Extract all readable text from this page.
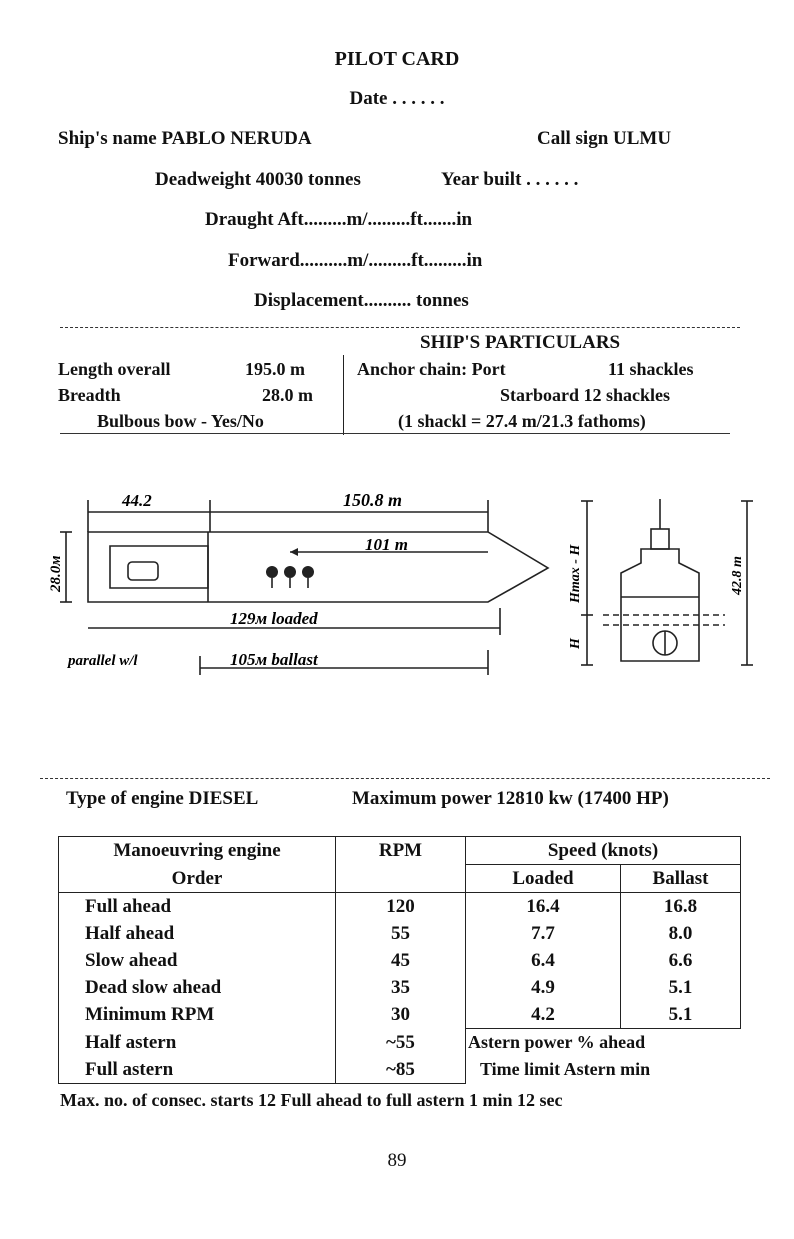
PILOT CARD
Date . . . . . .
Ship's name PABLO NERUDA	Call sign ULMU
Deadweight 40030 tonnes	Year built . . . . . .
Draught Aft.........m/.........ft.......in
Forward..........m/.........ft.........in
Displacement.......... tonnes
SHIP'S PARTICULARS
Length overall	195.0 m
Breadth	28.0 m
Bulbous bow - Yes/No
Anchor chain: Port	11 shackles
Starboard 12 shackles
(1 shackl = 27.4 m/21.3 fathoms)
44.2	150.8 m
101 m
28.0м
129м loaded
parallel w/l	105м ballast
Hmax - H
H
42.8 m
Type of engine DIESEL	Maximum power 12810 kw (17400 HP)
Manoeuvring engine	RPM	Speed (knots)	
Order		Loaded	Ballast
Full ahead	120	16.4	16.8
Half ahead	55	7.7	8.0
Slow ahead	45	6.4	6.6
Dead slow ahead	35	4.9	5.1
Minimum RPM	30	4.2	5.1
Half astern	~55	Astern power % ahead	
Full astern	~85	Time limit Astern min	
Max. no. of consec. starts 12 Full ahead to full astern 1 min 12 sec
89
